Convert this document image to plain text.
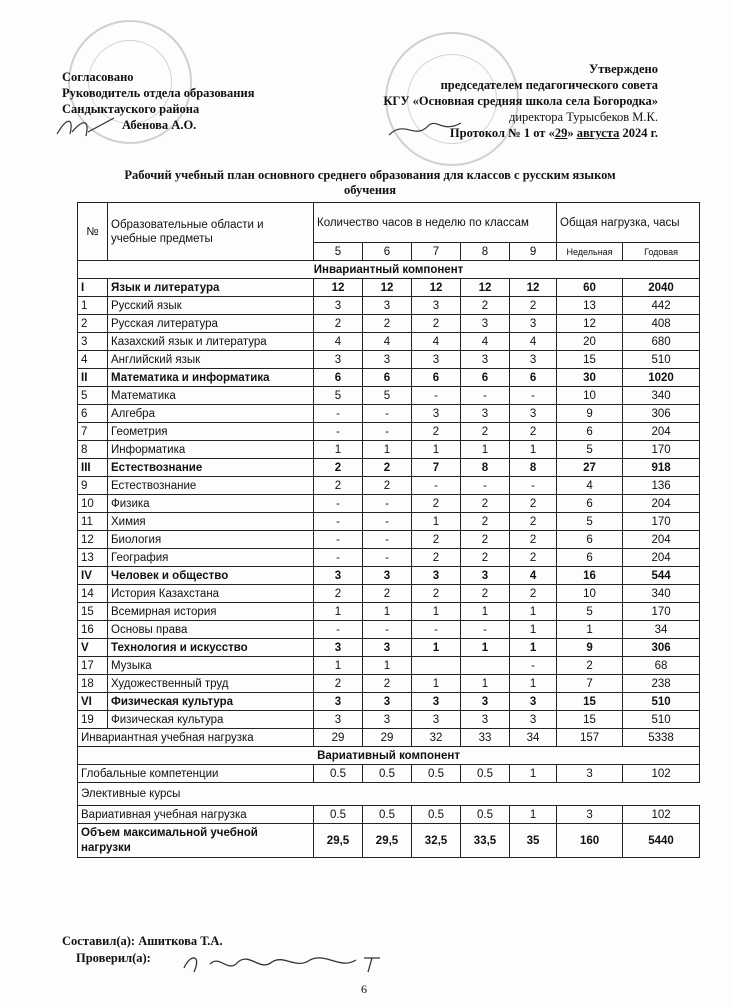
Согласовано
Руководитель отдела образования
Сандыктауского района
Абенова А.О.
Утверждено
председателем педагогического совета
КГУ «Основная средняя школа села Богородка»
директора Турысбеков М.К.
Протокол № 1 от «29» августа 2024 г.
Рабочий учебный план основного среднего образования для классов с русским языком
обучения
№	Образовательные области и учебные предметы	Количество часов в неделю по классам					Общая нагрузка, часы	
		5	6	7	8	9	Недельная	Годовая
Инвариантный компонент								
I	Язык и литература	12	12	12	12	12	60	2040
1	Русский язык	3	3	3	2	2	13	442
2	Русская литература	2	2	2	3	3	12	408
3	Казахский язык и литература	4	4	4	4	4	20	680
4	Английский язык	3	3	3	3	3	15	510
II	Математика и информатика	6	6	6	6	6	30	1020
5	Математика	5	5	-	-	-	10	340
6	Алгебра	-	-	3	3	3	9	306
7	Геометрия	-	-	2	2	2	6	204
8	Информатика	1	1	1	1	1	5	170
III	Естествознание	2	2	7	8	8	27	918
9	Естествознание	2	2	-	-	-	4	136
10	Физика	-	-	2	2	2	6	204
11	Химия	-	-	1	2	2	5	170
12	Биология	-	-	2	2	2	6	204
13	География	-	-	2	2	2	6	204
IV	Человек и общество	3	3	3	3	4	16	544
14	История Казахстана	2	2	2	2	2	10	340
15	Всемирная история	1	1	1	1	1	5	170
16	Основы права	-	-	-	-	1	1	34
V	Технология и искусство	3	3	1	1	1	9	306
17	Музыка	1	1			-	2	68
18	Художественный труд	2	2	1	1	1	7	238
VI	Физическая культура	3	3	3	3	3	15	510
19	Физическая культура	3	3	3	3	3	15	510
Инвариантная учебная нагрузка		29	29	32	33	34	157	5338
Вариативный компонент								
Глобальные компетенции		0.5	0.5	0.5	0.5	1	3	102
Элективные курсы								
Вариативная учебная нагрузка		0.5	0.5	0.5	0.5	1	3	102
Объем максимальной учебной нагрузки		29,5	29,5	32,5	33,5	35	160	5440
Составил(а): Ашиткова Т.А.
Проверил(а):
6
